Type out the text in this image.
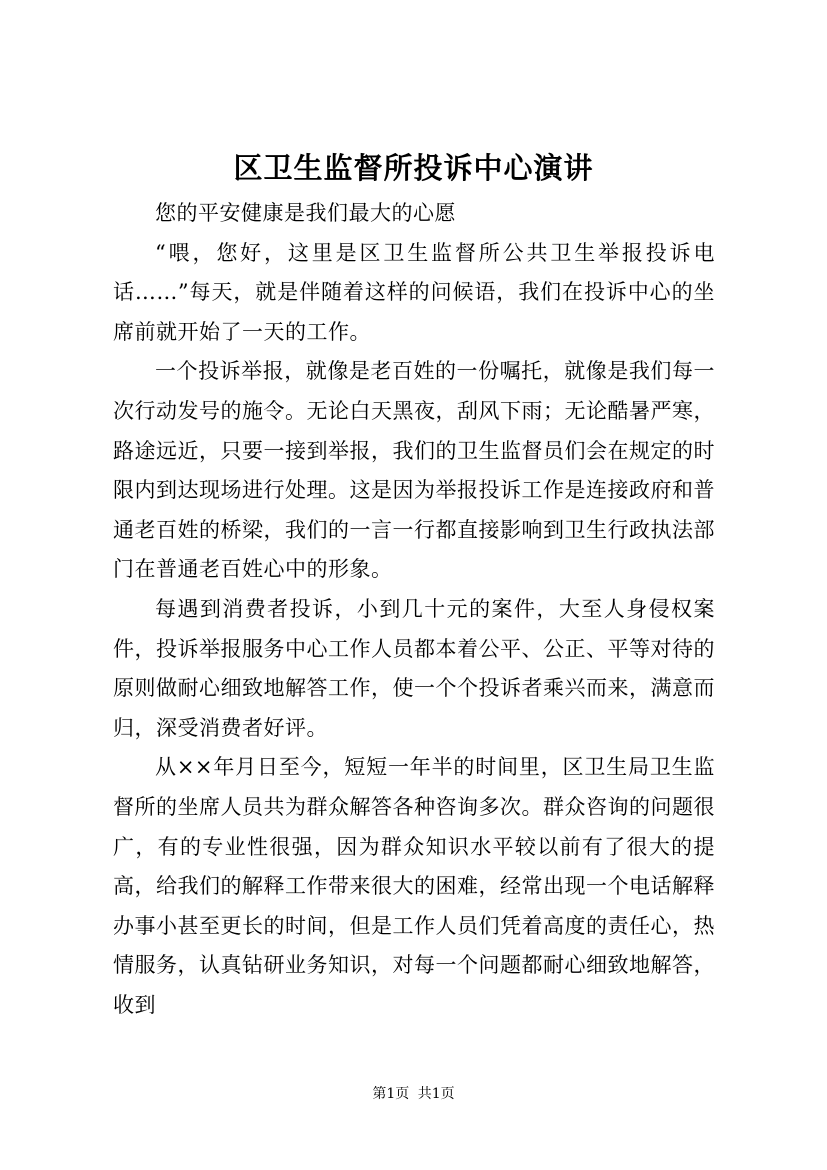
区卫生监督所投诉中心演讲

您的平安健康是我们最大的心愿

“喂，您好，这里是区卫生监督所公共卫生举报投诉电话……”每天，就是伴随着这样的问候语，我们在投诉中心的坐席前就开始了一天的工作。

一个投诉举报，就像是老百姓的一份嘱托，就像是我们每一次行动发号的施令。无论白天黑夜，刮风下雨；无论酷暑严寒，路途远近，只要一接到举报，我们的卫生监督员们会在规定的时限内到达现场进行处理。这是因为举报投诉工作是连接政府和普通老百姓的桥梁，我们的一言一行都直接影响到卫生行政执法部门在普通老百姓心中的形象。

每遇到消费者投诉，小到几十元的案件，大至人身侵权案件，投诉举报服务中心工作人员都本着公平、公正、平等对待的原则做耐心细致地解答工作，使一个个投诉者乘兴而来，满意而归，深受消费者好评。

从××年月日至今，短短一年半的时间里，区卫生局卫生监督所的坐席人员共为群众解答各种咨询多次。群众咨询的问题很广，有的专业性很强，因为群众知识水平较以前有了很大的提高，给我们的解释工作带来很大的困难，经常出现一个电话解释办事小甚至更长的时间，但是工作人员们凭着高度的责任心，热情服务，认真钻研业务知识，对每一个问题都耐心细致地解答，收到

第1页 共1页
